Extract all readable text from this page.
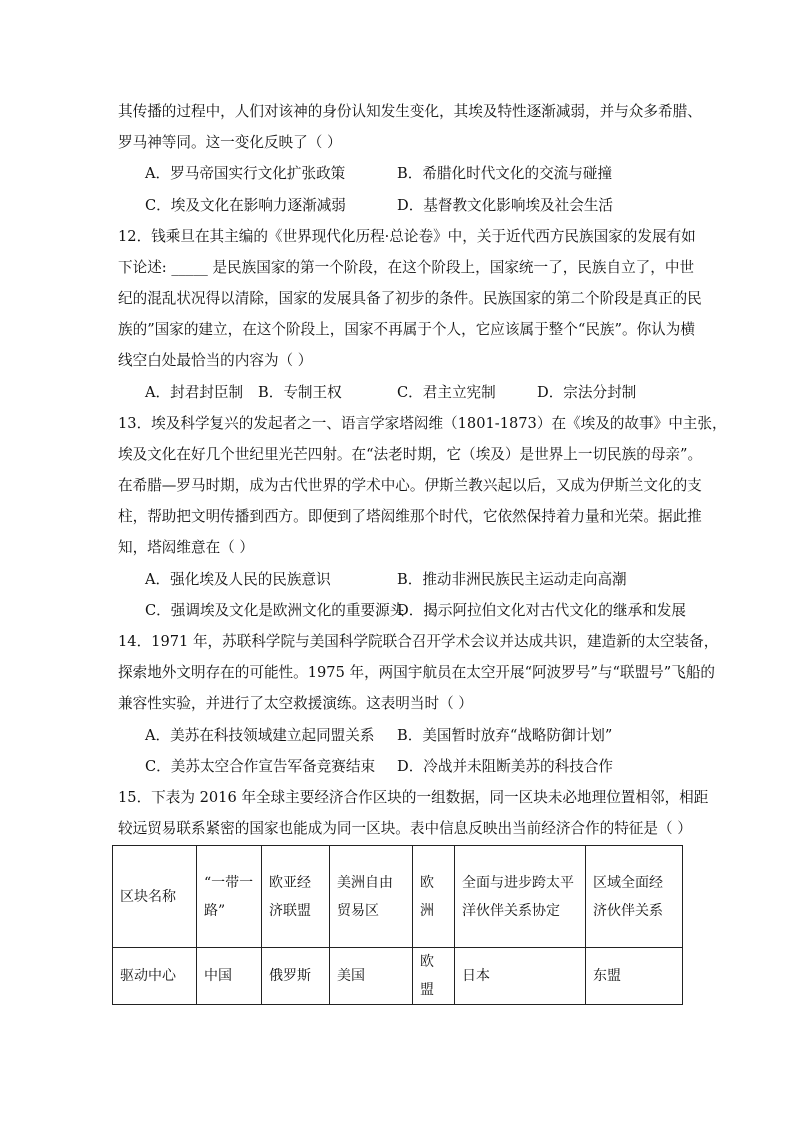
其传播的过程中，人们对该神的身份认知发生变化，其埃及特性逐渐减弱，并与众多希腊、
罗马神等同。这一变化反映了（ ）
A．罗马帝国实行文化扩张政策	B．希腊化时代文化的交流与碰撞
C．埃及文化在影响力逐渐减弱	D．基督教文化影响埃及社会生活
12．钱乘旦在其主编的《世界现代化历程·总论卷》中，关于近代西方民族国家的发展有如
下论述: _____ 是民族国家的第一个阶段，在这个阶段上，国家统一了，民族自立了，中世
纪的混乱状况得以清除，国家的发展具备了初步的条件。民族国家的第二个阶段是真正的民
族的”国家的建立，在这个阶段上，国家不再属于个人，它应该属于整个“民族”。你认为横
线空白处最恰当的内容为（ ）
A．封君封臣制 B．专制王权	C．君主立宪制	D．宗法分封制
13．埃及科学复兴的发起者之一、语言学家塔闳维（1801-1873）在《埃及的故事》中主张，
埃及文化在好几个世纪里光芒四射。在“法老时期，它（埃及）是世界上一切民族的母亲”。
在希腊—罗马时期，成为古代世界的学术中心。伊斯兰教兴起以后，又成为伊斯兰文化的支
柱，帮助把文明传播到西方。即便到了塔闳维那个时代，它依然保持着力量和光荣。据此推
知，塔闳维意在（ ）
A．强化埃及人民的民族意识	B．推动非洲民族民主运动走向高潮
C．强调埃及文化是欧洲文化的重要源头
D．揭示阿拉伯文化对古代文化的继承和发展
14．1971 年，苏联科学院与美国科学院联合召开学术会议并达成共识，建造新的太空装备，
探索地外文明存在的可能性。1975 年，两国宇航员在太空开展“阿波罗号”与“联盟号”飞船的
兼容性实验，并进行了太空救援演练。这表明当时（ ）
A．美苏在科技领域建立起同盟关系 B．美国暂时放弃“战略防御计划”
C．美苏太空合作宣告军备竞赛结束 D．冷战并未阻断美苏的科技合作
15．下表为 2016 年全球主要经济合作区块的一组数据，同一区块未必地理位置相邻，相距
较远贸易联系紧密的国家也能成为同一区块。表中信息反映出当前经济合作的特征是（ ）
区块名称	“一带一路”	欧亚经济联盟	美洲自由贸易区	欧洲	全面与进步跨太平洋伙伴关系协定	区域全面经济伙伴关系
驱动中心	中国	俄罗斯	美国	欧盟	日本	东盟
